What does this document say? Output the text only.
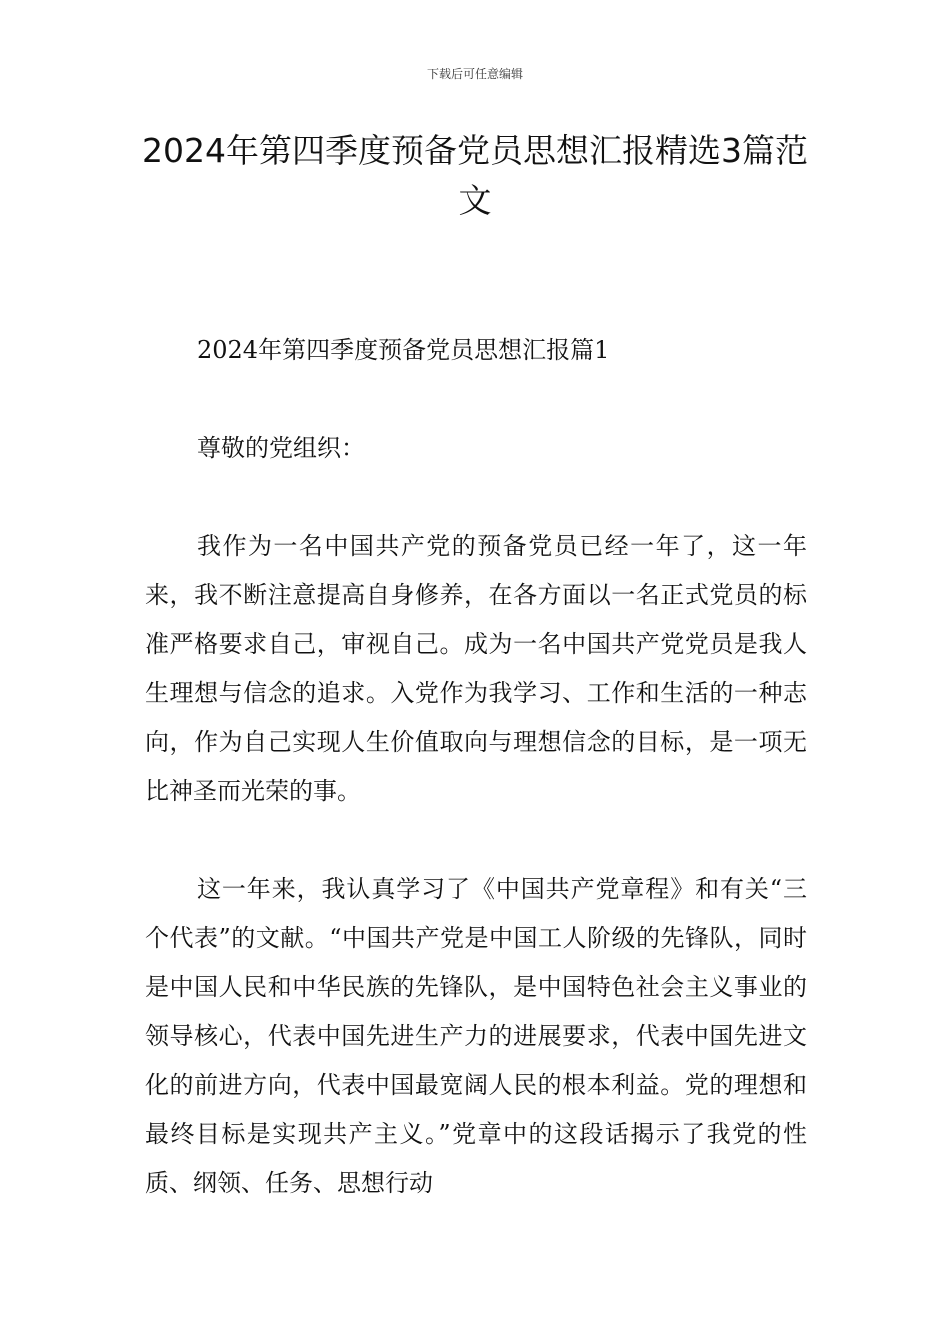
下载后可任意编辑
2024年第四季度预备党员思想汇报精选3篇范文

2024年第四季度预备党员思想汇报篇1

尊敬的党组织：

我作为一名中国共产党的预备党员已经一年了，这一年来，我不断注意提高自身修养，在各方面以一名正式党员的标准严格要求自己，审视自己。成为一名中国共产党党员是我人生理想与信念的追求。入党作为我学习、工作和生活的一种志向，作为自己实现人生价值取向与理想信念的目标，是一项无比神圣而光荣的事。

这一年来，我认真学习了《中国共产党章程》和有关“三个代表”的文献。“中国共产党是中国工人阶级的先锋队，同时是中国人民和中华民族的先锋队，是中国特色社会主义事业的领导核心，代表中国先进生产力的进展要求，代表中国先进文化的前进方向，代表中国最宽阔人民的根本利益。党的理想和最终目标是实现共产主义。”党章中的这段话揭示了我党的性质、纲领、任务、思想行动
